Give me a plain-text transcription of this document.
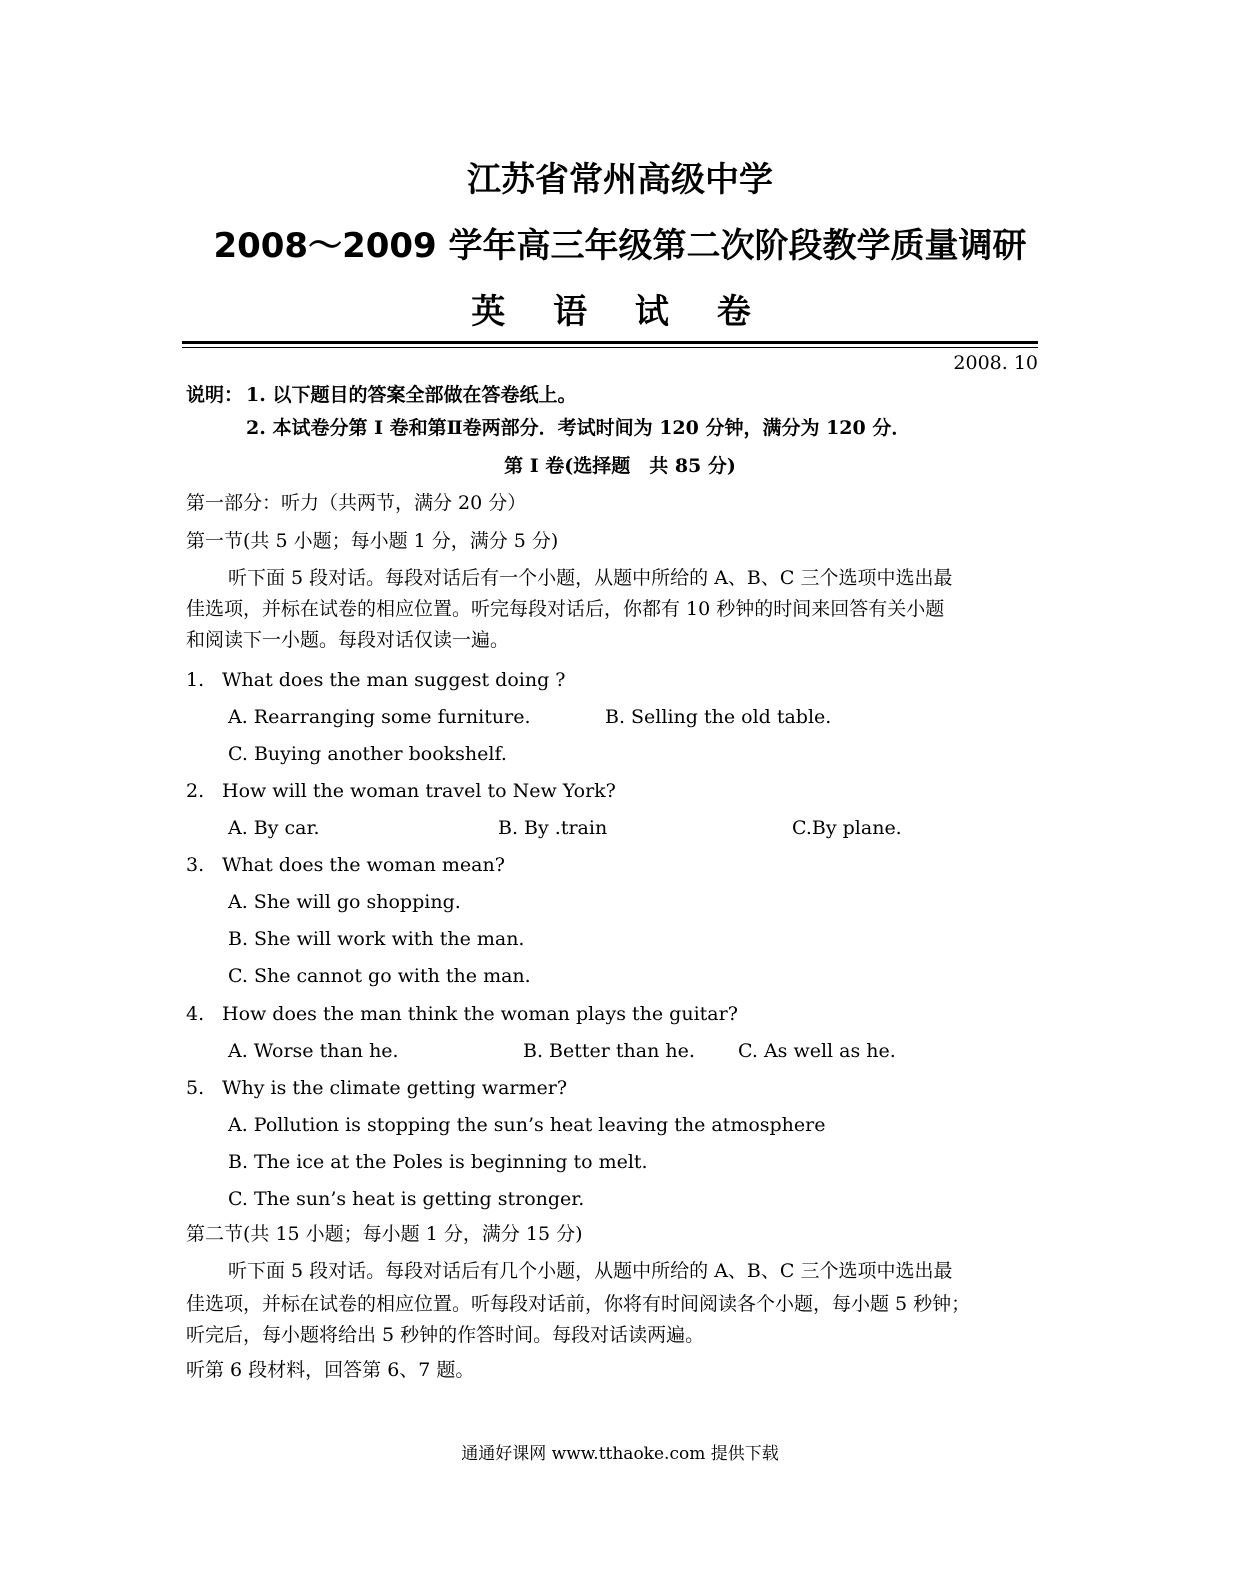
江苏省常州高级中学
2008～2009 学年高三年级第二次阶段教学质量调研
英 语 试 卷
2008. 10
说明： 1. 以下题目的答案全部做在答卷纸上。
2. 本试卷分第 I 卷和第Ⅱ卷两部分．考试时间为 120 分钟，满分为 120 分．
第 I 卷(选择题　共 85 分)
第一部分：听力（共两节，满分 20 分）
第一节(共 5 小题；每小题 1 分，满分 5 分)
听下面 5 段对话。每段对话后有一个小题，从题中所给的 A、B、C 三个选项中选出最
佳选项，并标在试卷的相应位置。听完每段对话后，你都有 10 秒钟的时间来回答有关小题
和阅读下一小题。每段对话仅读一遍。
1. What does the man suggest doing ?
A. Rearranging some furniture.	B. Selling the old table.
C. Buying another bookshelf.
2. How will the woman travel to New York?
A. By car.	B. By .train	C.By plane.
3. What does the woman mean?
A. She will go shopping.
B. She will work with the man.
C. She cannot go with the man.
4. How does the man think the woman plays the guitar?
A. Worse than he.	B. Better than he. C. As well as he.
5. Why is the climate getting warmer?
A. Pollution is stopping the sun’s heat leaving the atmosphere
B. The ice at the Poles is beginning to melt.
C. The sun’s heat is getting stronger.
第二节(共 15 小题；每小题 1 分，满分 15 分)
听下面 5 段对话。每段对话后有几个小题，从题中所给的 A、B、C 三个选项中选出最
佳选项，并标在试卷的相应位置。听每段对话前，你将有时间阅读各个小题，每小题 5 秒钟；
听完后，每小题将给出 5 秒钟的作答时间。每段对话读两遍。
听第 6 段材料，回答第 6、7 题。
通通好课网 www.tthaoke.com 提供下载
